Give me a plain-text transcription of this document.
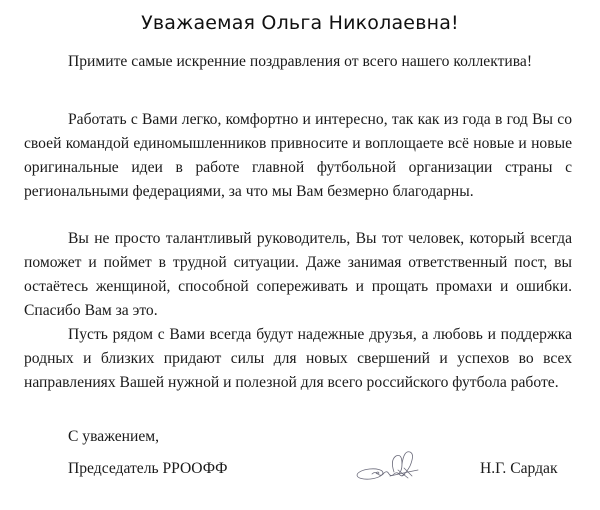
Уважаемая Ольга Николаевна!

Примите самые искренние поздравления от всего нашего коллектива!

Работать с Вами легко, комфортно и интересно, так как из года в год Вы со своей командой единомышленников привносите и воплощаете всё новые и новые оригинальные идеи в работе главной футбольной организации страны с региональными федерациями, за что мы Вам безмерно благодарны.

Вы не просто талантливый руководитель, Вы тот человек, который всегда поможет и поймет в трудной ситуации. Даже занимая ответственный пост, вы остаётесь женщиной, способной сопереживать и прощать промахи и ошибки. Спасибо Вам за это.

Пусть рядом с Вами всегда будут надежные друзья, а любовь и поддержка родных и близких придают силы для новых свершений и успехов во всех направлениях Вашей нужной и полезной для всего российского футбола работе.

С уважением,
Председатель РРООФФ	Н.Г. Сардак
